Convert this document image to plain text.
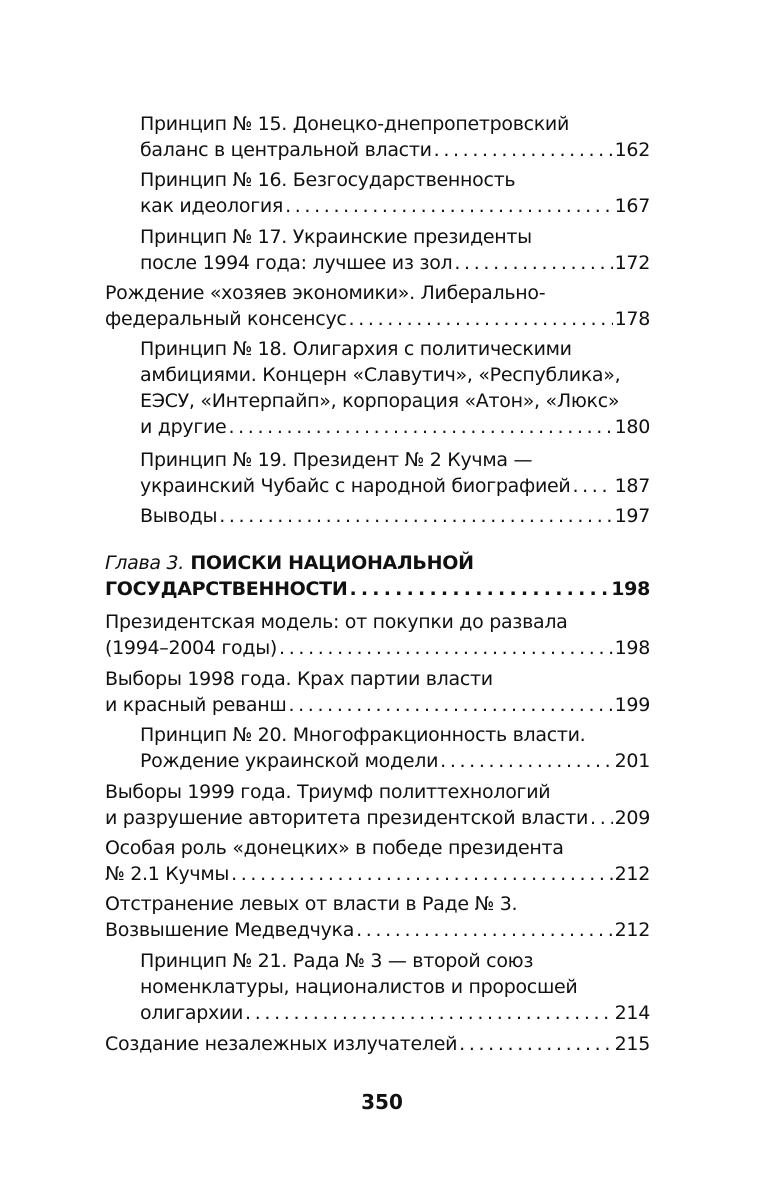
Принцип № 15. Донецко-днепропетровский
баланс в центральной власти . . .	162
Принцип № 16. Безгосударственность
как идеология . . .	167
Принцип № 17. Украинские президенты
после 1994 года: лучшее из зол . . .	172
Рождение «хозяев экономики». Либерально-
федеральный консенсус . . .	178
Принцип № 18. Олигархия с политическими
амбициями. Концерн «Славутич», «Республика»,
ЕЭСУ, «Интерпайп», корпорация «Атон», «Люкс»
и другие . . .	180
Принцип № 19. Президент № 2 Кучма —
украинский Чубайс с народной биографией . . . 187
Выводы . . .	197
Глава 3. ПОИСКИ НАЦИОНАЛЬНОЙ
ГОСУДАРСТВЕННОСТИ . . .	198
Президентская модель: от покупки до развала
(1994–2004 годы) . . .	198
Выборы 1998 года. Крах партии власти
и красный реванш . . .	199
Принцип № 20. Многофракционность власти.
Рождение украинской модели . . .	201
Выборы 1999 года. Триумф политтехнологий
и разрушение авторитета президентской власти . . . 209
Особая роль «донецких» в победе президента
№ 2.1 Кучмы . . .	212
Отстранение левых от власти в Раде № 3.
Возвышение Медведчука . . .	212
Принцип № 21. Рада № 3 — второй союз
номенклатуры, националистов и проросшей
олигархии . . .	214
Создание незалежных излучателей . . .	215
350
